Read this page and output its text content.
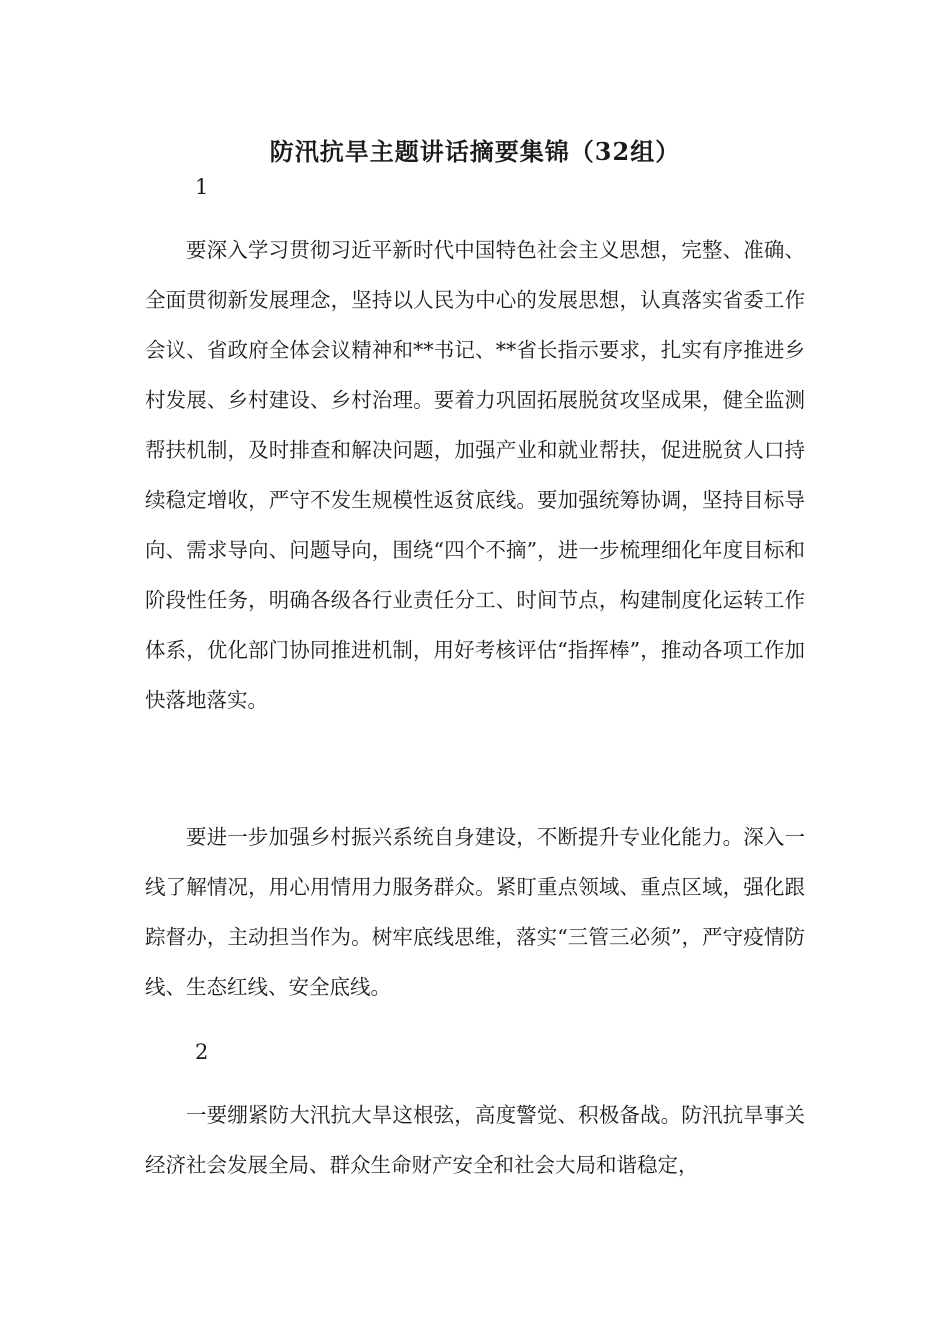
防汛抗旱主题讲话摘要集锦（32组）

1

要深入学习贯彻习近平新时代中国特色社会主义思想，完整、准确、全面贯彻新发展理念，坚持以人民为中心的发展思想，认真落实省委工作会议、省政府全体会议精神和**书记、**省长指示要求，扎实有序推进乡村发展、乡村建设、乡村治理。要着力巩固拓展脱贫攻坚成果，健全监测帮扶机制，及时排查和解决问题，加强产业和就业帮扶，促进脱贫人口持续稳定增收，严守不发生规模性返贫底线。要加强统筹协调，坚持目标导向、需求导向、问题导向，围绕“四个不摘”，进一步梳理细化年度目标和阶段性任务，明确各级各行业责任分工、时间节点，构建制度化运转工作体系，优化部门协同推进机制，用好考核评估“指挥棒”，推动各项工作加快落地落实。

要进一步加强乡村振兴系统自身建设，不断提升专业化能力。深入一线了解情况，用心用情用力服务群众。紧盯重点领域、重点区域，强化跟踪督办，主动担当作为。树牢底线思维，落实“三管三必须”，严守疫情防线、生态红线、安全底线。

2

一要绷紧防大汛抗大旱这根弦，高度警觉、积极备战。防汛抗旱事关经济社会发展全局、群众生命财产安全和社会大局和谐稳定，
